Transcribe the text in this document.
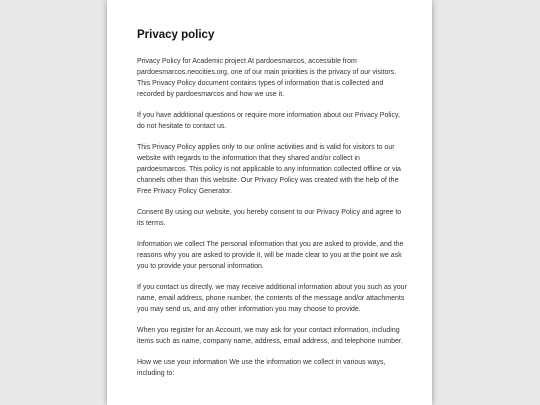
Privacy policy

Privacy Policy for Academic project At pardoesmarcos, accessible from pardoesmarcos.neocities.org, one of our main priorities is the privacy of our visitors. This Privacy Policy document contains types of information that is collected and recorded by pardoesmarcos and how we use it.

If you have additional questions or require more information about our Privacy Policy, do not hesitate to contact us.

This Privacy Policy applies only to our online activities and is valid for visitors to our website with regards to the information that they shared and/or collect in pardoesmarcos. This policy is not applicable to any information collected offline or via channels other than this website. Our Privacy Policy was created with the help of the Free Privacy Policy Generator.

Consent By using our website, you hereby consent to our Privacy Policy and agree to its terms.

Information we collect The personal information that you are asked to provide, and the reasons why you are asked to provide it, will be made clear to you at the point we ask you to provide your personal information.

If you contact us directly, we may receive additional information about you such as your name, email address, phone number, the contents of the message and/or attachments you may send us, and any other information you may choose to provide.

When you register for an Account, we may ask for your contact information, including items such as name, company name, address, email address, and telephone number.

How we use your information We use the information we collect in various ways, including to:
